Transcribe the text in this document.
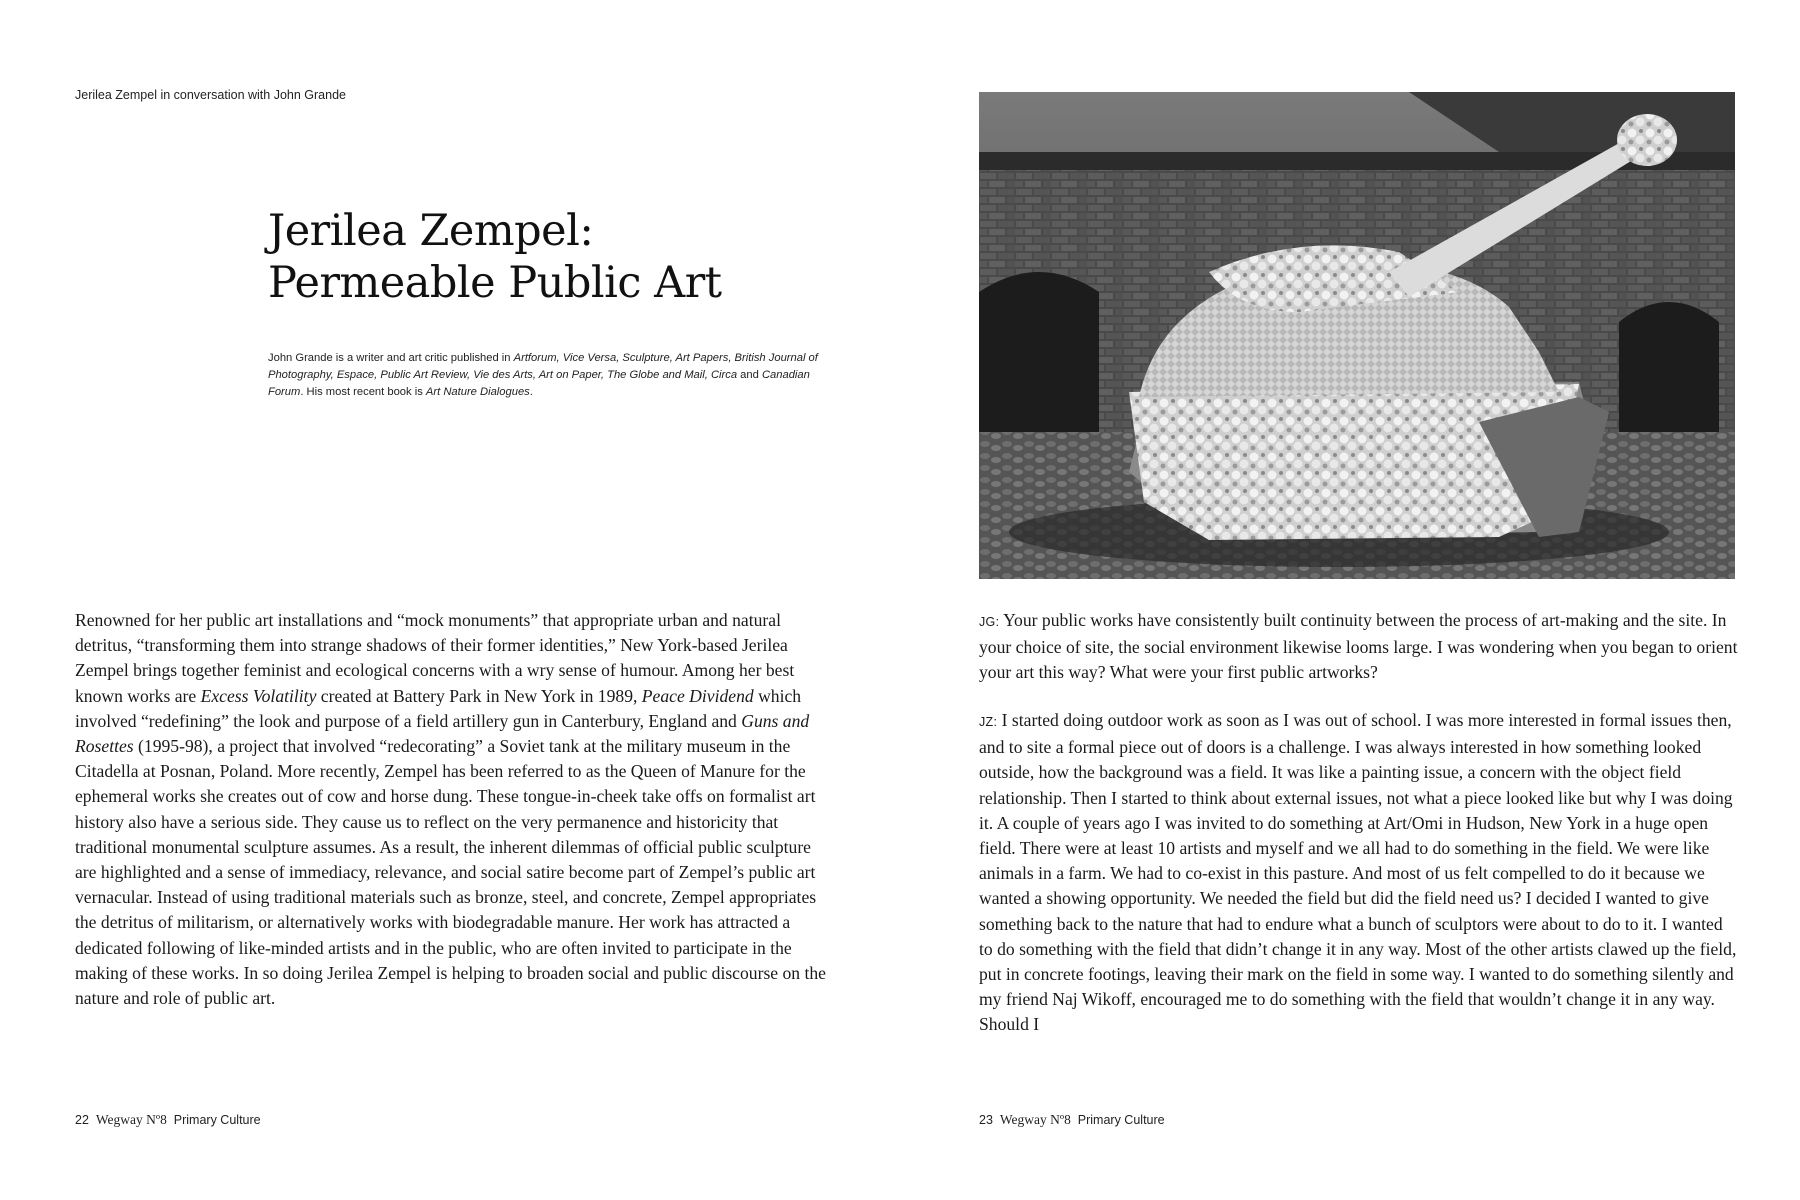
Jerilea Zempel in conversation with John Grande
Jerilea Zempel:
Permeable Public Art
John Grande is a writer and art critic published in Artforum, Vice Versa, Sculpture, Art Papers, British Journal of Photography, Espace, Public Art Review, Vie des Arts, Art on Paper, The Globe and Mail, Circa and Canadian Forum. His most recent book is Art Nature Dialogues.
Renowned for her public art installations and “mock monuments” that appropriate urban and natural detritus, “transforming them into strange shadows of their former identities,” New York-based Jerilea Zempel brings together feminist and ecological concerns with a wry sense of humour. Among her best known works are Excess Volatility created at Battery Park in New York in 1989, Peace Dividend which involved “redefining” the look and purpose of a field artillery gun in Canterbury, England and Guns and Rosettes (1995-98), a project that involved “redecorating” a Soviet tank at the military museum in the Citadella at Posnan, Poland. More recently, Zempel has been referred to as the Queen of Manure for the ephemeral works she creates out of cow and horse dung. These tongue-in-cheek take offs on formalist art history also have a serious side. They cause us to reflect on the very permanence and historicity that traditional monumental sculpture assumes. As a result, the inherent dilemmas of official public sculpture are highlighted and a sense of immediacy, relevance, and social satire become part of Zempel’s public art vernacular. Instead of using traditional materials such as bronze, steel, and concrete, Zempel appropriates the detritus of militarism, or alternatively works with biodegradable manure. Her work has attracted a dedicated following of like-minded artists and in the public, who are often invited to participate in the making of these works. In so doing Jerilea Zempel is helping to broaden social and public discourse on the nature and role of public art.
22 Wegway Nº8 Primary Culture
JG: Your public works have consistently built continuity between the process of art-making and the site. In your choice of site, the social environment likewise looms large. I was wondering when you began to orient your art this way? What were your first public artworks?
JZ: I started doing outdoor work as soon as I was out of school. I was more interested in formal issues then, and to site a formal piece out of doors is a challenge. I was always interested in how something looked outside, how the background was a field. It was like a painting issue, a concern with the object field relationship. Then I started to think about external issues, not what a piece looked like but why I was doing it. A couple of years ago I was invited to do something at Art/Omi in Hudson, New York in a huge open field. There were at least 10 artists and myself and we all had to do something in the field. We were like animals in a farm. We had to co-exist in this pasture. And most of us felt compelled to do it because we wanted a showing opportunity. We needed the field but did the field need us? I decided I wanted to give something back to the nature that had to endure what a bunch of sculptors were about to do to it. I wanted to do something with the field that didn’t change it in any way. Most of the other artists clawed up the field, put in concrete footings, leaving their mark on the field in some way. I wanted to do something silently and my friend Naj Wikoff, encouraged me to do something with the field that wouldn’t change it in any way. Should I
23 Wegway Nº8 Primary Culture
